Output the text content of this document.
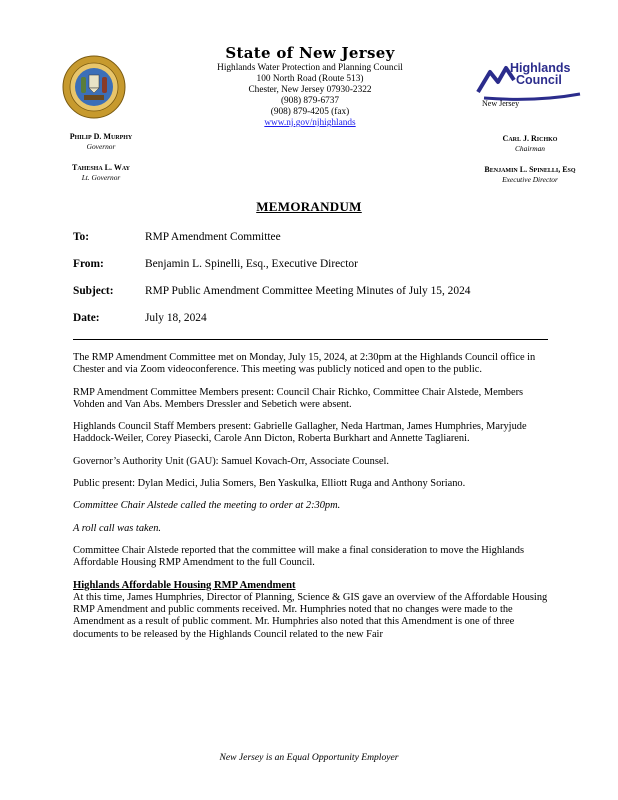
State of New Jersey
Highlands Water Protection and Planning Council
100 North Road (Route 513)
Chester, New Jersey 07930-2322
(908) 879-6737
(908) 879-4205 (fax)
www.nj.gov/njhighlands
Highlands
Council
New Jersey
Philip D. Murphy
Governor
Tahesha L. Way
Lt. Governor
Carl J. Richko
Chairman
Benjamin L. Spinelli, Esq
Executive Director
MEMORANDUM
To:	RMP Amendment Committee
From:	Benjamin L. Spinelli, Esq., Executive Director
Subject:	RMP Public Amendment Committee Meeting Minutes of July 15, 2024
Date:	July 18, 2024

The RMP Amendment Committee met on Monday, July 15, 2024, at 2:30pm at the Highlands Council office in Chester and via Zoom videoconference. This meeting was publicly noticed and open to the public.

RMP Amendment Committee Members present: Council Chair Richko, Committee Chair Alstede, Members Vohden and Van Abs. Members Dressler and Sebetich were absent.

Highlands Council Staff Members present: Gabrielle Gallagher, Neda Hartman, James Humphries, Maryjude Haddock-Weiler, Corey Piasecki, Carole Ann Dicton, Roberta Burkhart and Annette Tagliareni.

Governor’s Authority Unit (GAU): Samuel Kovach-Orr, Associate Counsel.

Public present: Dylan Medici, Julia Somers, Ben Yaskulka, Elliott Ruga and Anthony Soriano.

Committee Chair Alstede called the meeting to order at 2:30pm.

A roll call was taken.

Committee Chair Alstede reported that the committee will make a final consideration to move the Highlands Affordable Housing RMP Amendment to the full Council.

Highlands Affordable Housing RMP Amendment

At this time, James Humphries, Director of Planning, Science & GIS gave an overview of the Affordable Housing RMP Amendment and public comments received. Mr. Humphries noted that no changes were made to the Amendment as a result of public comment. Mr. Humphries also noted that this Amendment is one of three documents to be released by the Highlands Council related to the new Fair

New Jersey is an Equal Opportunity Employer
